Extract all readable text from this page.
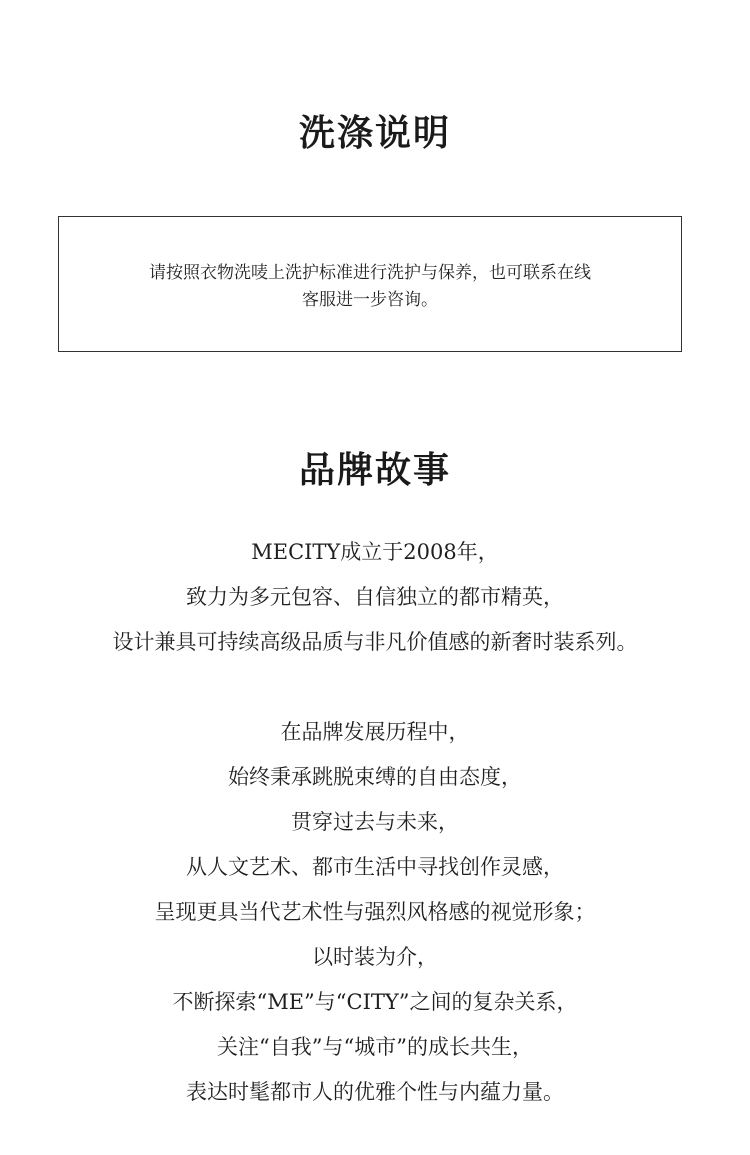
洗涤说明
请按照衣物洗唛上洗护标准进行洗护与保养，也可联系在线
客服进一步咨询。
品牌故事
MECITY成立于2008年，
致力为多元包容、自信独立的都市精英，
设计兼具可持续高级品质与非凡价值感的新奢时装系列。
在品牌发展历程中，
始终秉承跳脱束缚的自由态度，
贯穿过去与未来，
从人文艺术、都市生活中寻找创作灵感，
呈现更具当代艺术性与强烈风格感的视觉形象；
以时装为介，
不断探索“ME”与“CITY”之间的复杂关系，
关注“自我”与“城市”的成长共生，
表达时髦都市人的优雅个性与内蕴力量。
